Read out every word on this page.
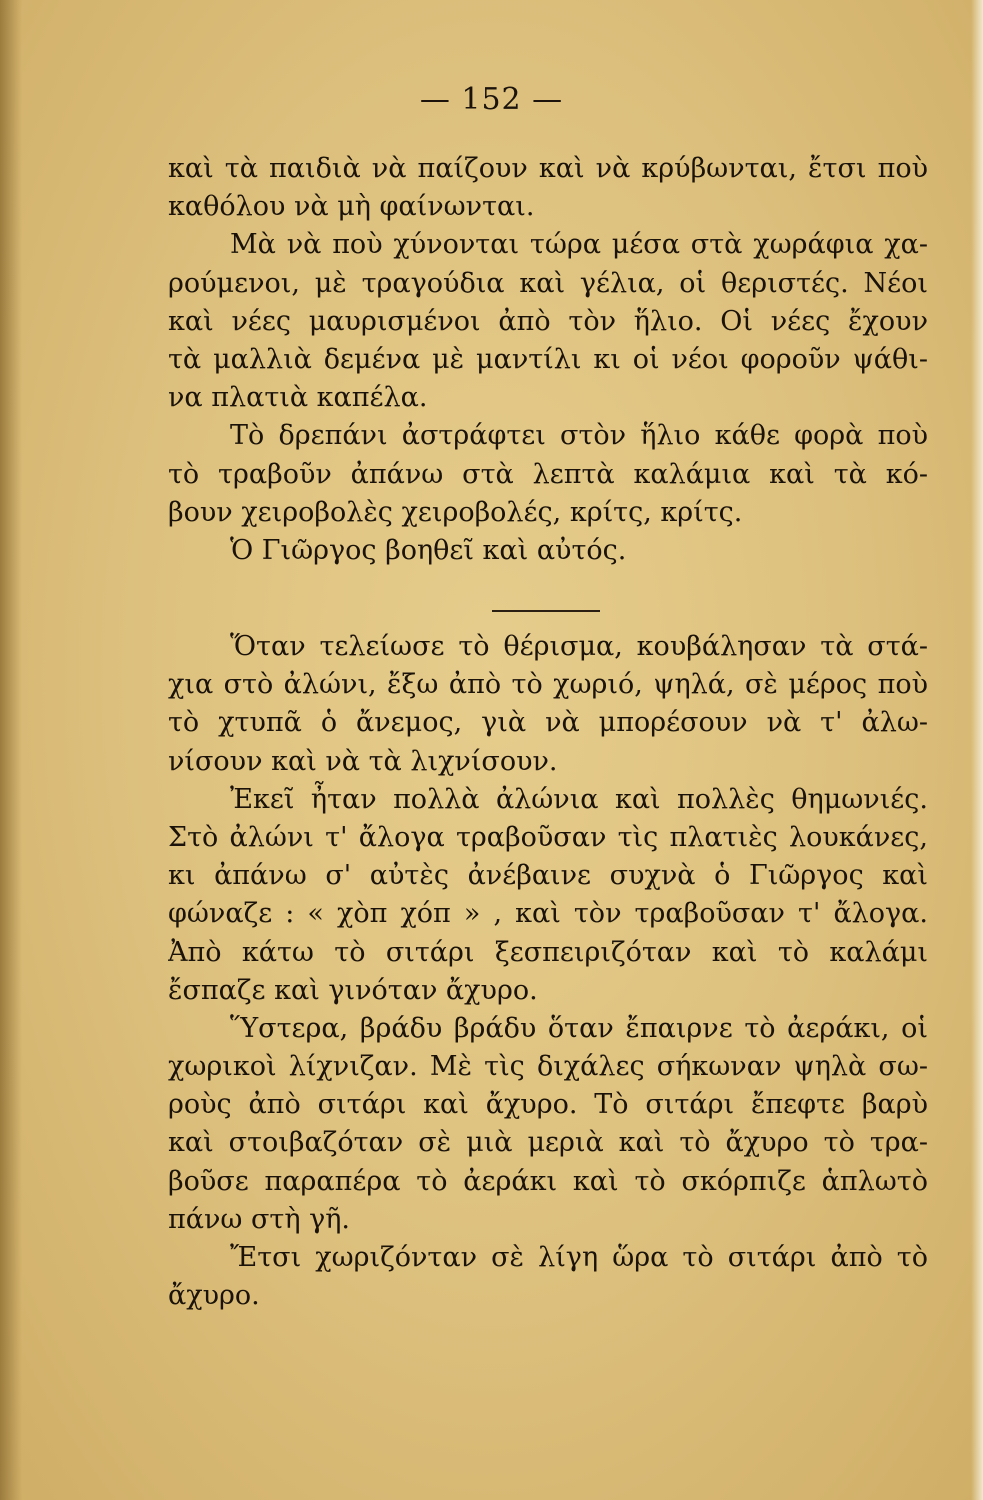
— 152 —
καὶ τὰ παιδιὰ νὰ παίζουν καὶ νὰ κρύβωνται, ἔτσι ποὺ
καθόλου νὰ μὴ φαίνωνται.
Μὰ νὰ ποὺ χύνονται τώρα μέσα στὰ χωράφια χα-
ρούμενοι, μὲ τραγούδια καὶ γέλια, οἱ θεριστές. Νέοι
καὶ νέες μαυρισμένοι ἀπὸ τὸν ἥλιο. Οἱ νέες ἔχουν
τὰ μαλλιὰ δεμένα μὲ μαντίλι κι οἱ νέοι φοροῦν ψάθι-
να πλατιὰ καπέλα.
Τὸ δρεπάνι ἀστράφτει στὸν ἥλιο κάθε φορὰ ποὺ
τὸ τραβοῦν ἀπάνω στὰ λεπτὰ καλάμια καὶ τὰ κό-
βουν χειροβολὲς χειροβολές, κρίτς, κρίτς.
Ὁ Γιῶργος βοηθεῖ καὶ αὐτός.
Ὅταν τελείωσε τὸ θέρισμα, κουβάλησαν τὰ στά-
χια στὸ ἀλώνι, ἔξω ἀπὸ τὸ χωριό, ψηλά, σὲ μέρος ποὺ
τὸ χτυπᾶ ὁ ἄνεμος, γιὰ νὰ μπορέσουν νὰ τ' ἀλω-
νίσουν καὶ νὰ τὰ λιχνίσουν.
Ἐκεῖ ἦταν πολλὰ ἀλώνια καὶ πολλὲς θημωνιές.
Στὸ ἀλώνι τ' ἄλογα τραβοῦσαν τὶς πλατιὲς λουκάνες,
κι ἀπάνω σ' αὐτὲς ἀνέβαινε συχνὰ ὁ Γιῶργος καὶ
φώναζε : « χὸπ χόπ » , καὶ τὸν τραβοῦσαν τ' ἄλογα.
Ἀπὸ κάτω τὸ σιτάρι ξεσπειριζόταν καὶ τὸ καλάμι
ἔσπαζε καὶ γινόταν ἄχυρο.
Ὕστερα, βράδυ βράδυ ὅταν ἔπαιρνε τὸ ἀεράκι, οἱ
χωρικοὶ λίχνιζαν. Μὲ τὶς διχάλες σήκωναν ψηλὰ σω-
ροὺς ἀπὸ σιτάρι καὶ ἄχυρο. Τὸ σιτάρι ἔπεφτε βαρὺ
καὶ στοιβαζόταν σὲ μιὰ μεριὰ καὶ τὸ ἄχυρο τὸ τρα-
βοῦσε παραπέρα τὸ ἀεράκι καὶ τὸ σκόρπιζε ἁπλωτὸ
πάνω στὴ γῆ.
Ἔτσι χωριζόνταν σὲ λίγη ὥρα τὸ σιτάρι ἀπὸ τὸ
ἄχυρο.
